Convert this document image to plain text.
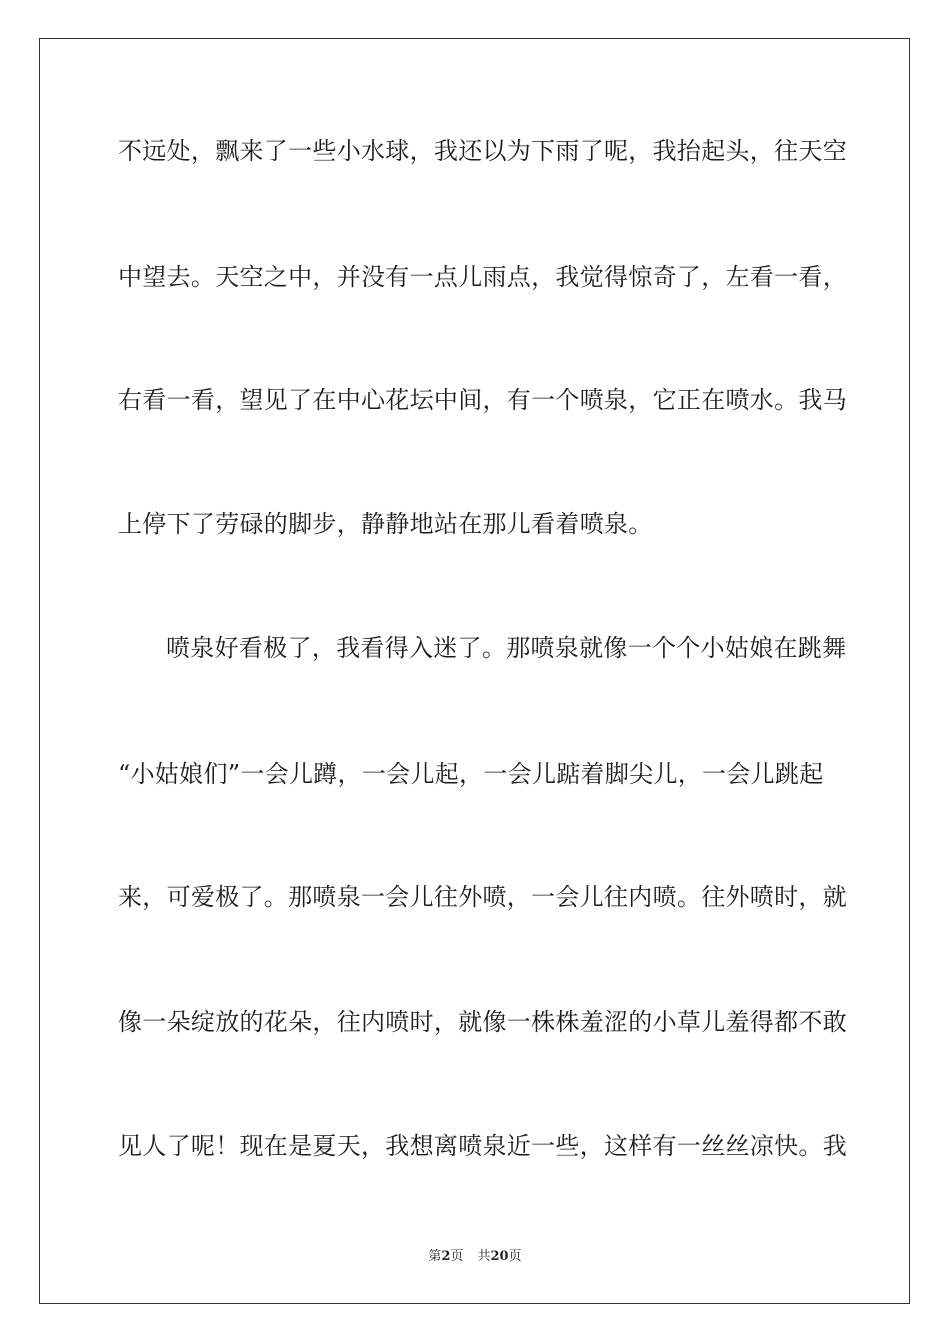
不远处，飘来了一些小水球，我还以为下雨了呢，我抬起头，往天空
中望去。天空之中，并没有一点儿雨点，我觉得惊奇了，左看一看，
右看一看，望见了在中心花坛中间，有一个喷泉，它正在喷水。我马
上停下了劳碌的脚步，静静地站在那儿看着喷泉。
喷泉好看极了，我看得入迷了。那喷泉就像一个个小姑娘在跳舞
“小姑娘们”一会儿蹲，一会儿起，一会儿踮着脚尖儿，一会儿跳起
来，可爱极了。那喷泉一会儿往外喷，一会儿往内喷。往外喷时，就
像一朵绽放的花朵，往内喷时，就像一株株羞涩的小草儿羞得都不敢
见人了呢！现在是夏天，我想离喷泉近一些，这样有一丝丝凉快。我
第2页 共20页
